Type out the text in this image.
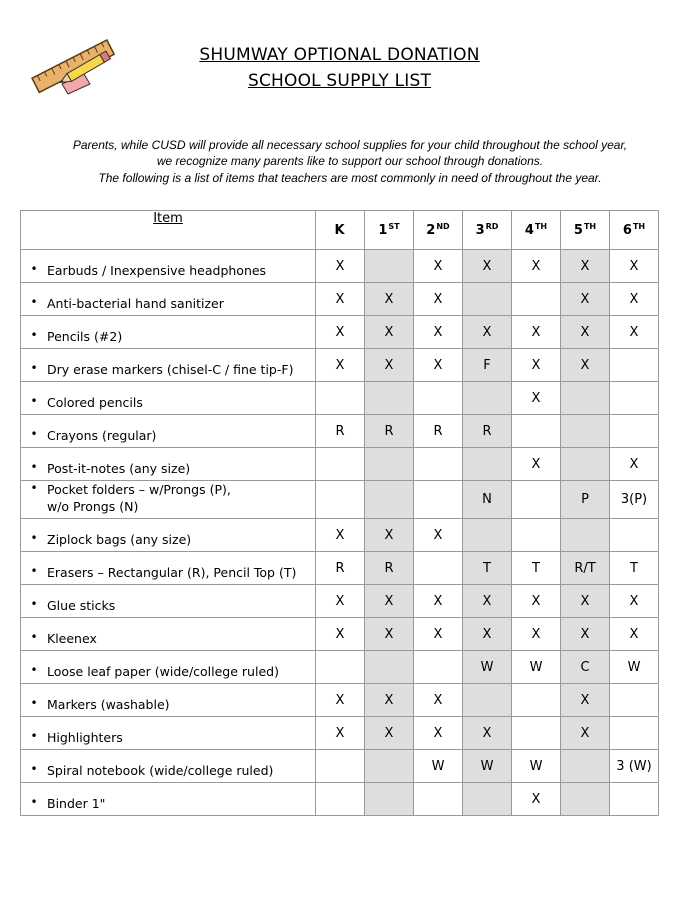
SHUMWAY OPTIONAL DONATION
SCHOOL SUPPLY LIST
Parents, while CUSD will provide all necessary school supplies for your child throughout the school year,
we recognize many parents like to support our school through donations.
The following is a list of items that teachers are most commonly in need of throughout the year.
Item	K	1ST	2ND	3RD	4TH	5TH	6TH

• Earbuds / Inexpensive headphones	X		X	X	X	X	X

• Anti-bacterial hand sanitizer	X	X	X			X	X

• Pencils (#2)	X	X	X	X	X	X	X

• Dry erase markers (chisel-C / fine tip-F)	X	X	X	F	X	X	

• Colored pencils					X		

• Crayons (regular)	R	R	R	R			

• Post-it-notes (any size)					X		X

• Pocket folders – w/Prongs (P),
w/o Prongs (N)				N		P	3(P)

• Ziplock bags (any size)	X	X	X				

• Erasers – Rectangular (R), Pencil Top (T)	R	R		T	T	R/T	T

• Glue sticks	X	X	X	X	X	X	X

• Kleenex	X	X	X	X	X	X	X

• Loose leaf paper (wide/college ruled)				W	W	C	W

• Markers (washable)	X	X	X			X	

• Highlighters	X	X	X	X		X	

• Spiral notebook (wide/college ruled)			W	W	W		3 (W)

• Binder 1"					X		
